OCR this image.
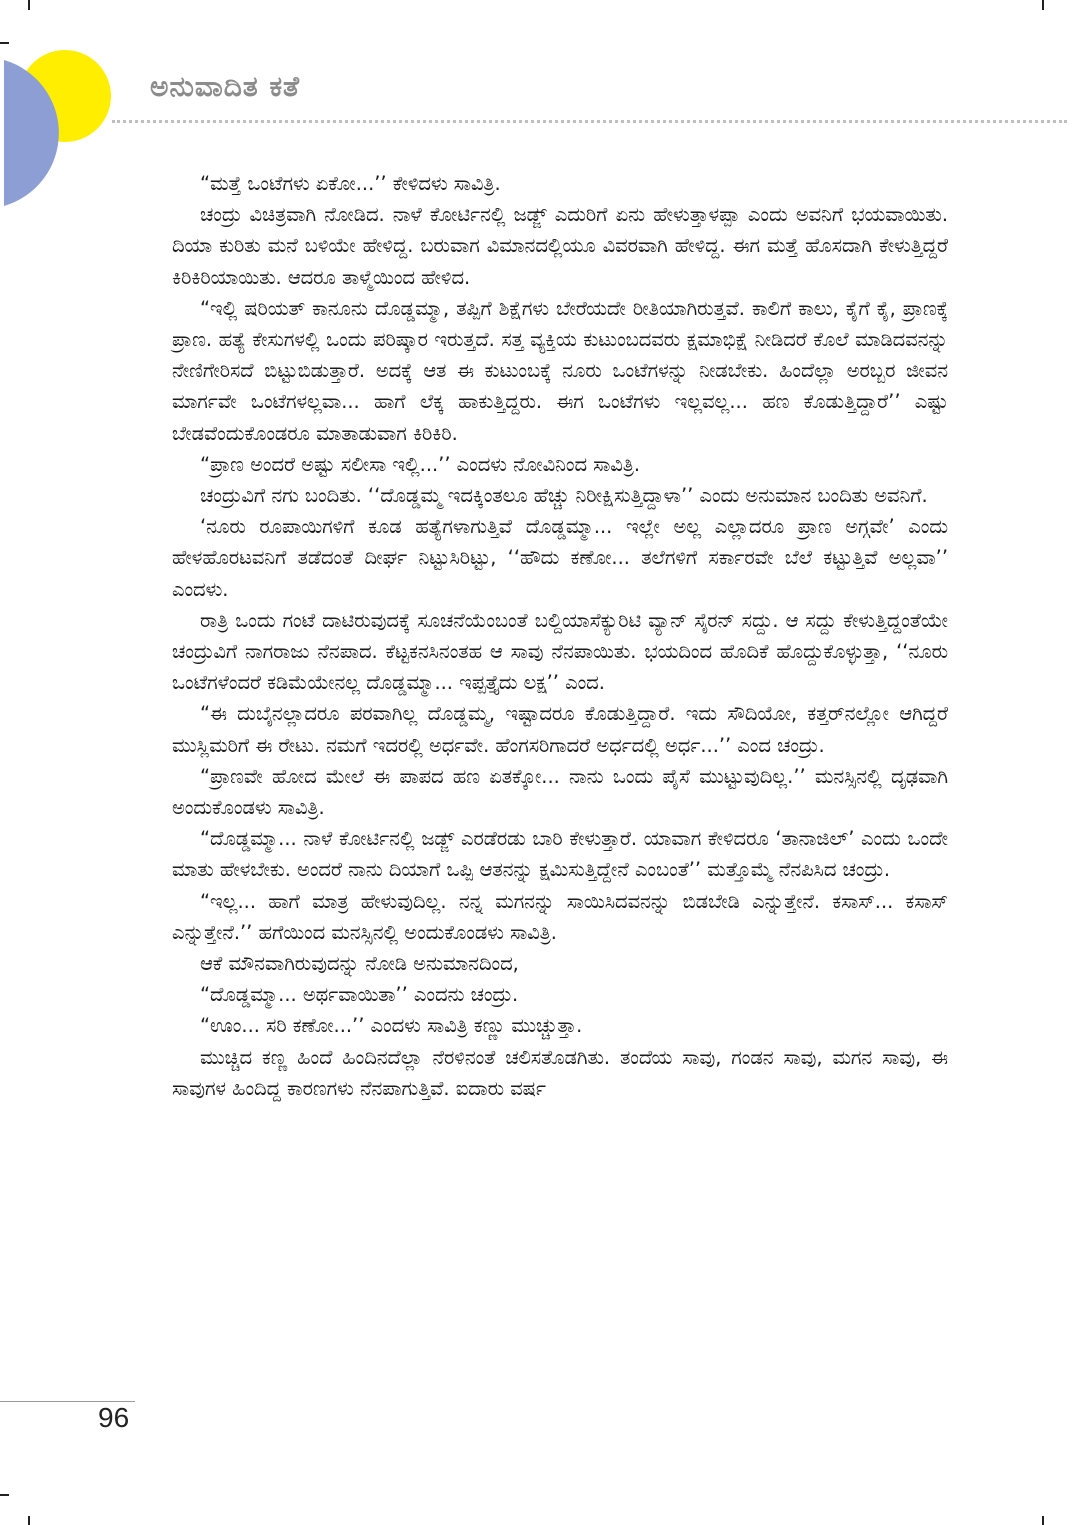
ಅನುವಾದಿತ ಕತೆ

“ಮತ್ತೆ ಒಂಟೆಗಳು ಏಕೋ...’’ ಕೇಳಿದಳು ಸಾವಿತ್ರಿ.

ಚಂದ್ರು ವಿಚಿತ್ರವಾಗಿ ನೋಡಿದ. ನಾಳೆ ಕೋರ್ಟಿನಲ್ಲಿ ಜಡ್ಜ್ ಎದುರಿಗೆ ಏನು ಹೇಳುತ್ತಾಳಪ್ಪಾ ಎಂದು ಅವನಿಗೆ ಭಯವಾಯಿತು. ದಿಯಾ ಕುರಿತು ಮನೆ ಬಳಿಯೇ ಹೇಳಿದ್ದ. ಬರುವಾಗ ವಿಮಾನದಲ್ಲಿಯೂ ವಿವರವಾಗಿ ಹೇಳಿದ್ದ. ಈಗ ಮತ್ತೆ ಹೊಸದಾಗಿ ಕೇಳುತ್ತಿದ್ದರೆ ಕಿರಿಕಿರಿಯಾಯಿತು. ಆದರೂ ತಾಳ್ಮೆಯಿಂದ ಹೇಳಿದ.

“ಇಲ್ಲಿ ಷರಿಯತ್ ಕಾನೂನು ದೊಡ್ಡಮ್ಮಾ, ತಪ್ಪಿಗೆ ಶಿಕ್ಷೆಗಳು ಬೇರೆಯದೇ ರೀತಿಯಾಗಿರುತ್ತವೆ. ಕಾಲಿಗೆ ಕಾಲು, ಕೈಗೆ ಕೈ, ಪ್ರಾಣಕ್ಕೆ ಪ್ರಾಣ. ಹತ್ಯೆ ಕೇಸುಗಳಲ್ಲಿ ಒಂದು ಪರಿಷ್ಕಾರ ಇರುತ್ತದೆ. ಸತ್ತ ವ್ಯಕ್ತಿಯ ಕುಟುಂಬದವರು ಕ್ಷಮಾಭಿಕ್ಷೆ ನೀಡಿದರೆ ಕೊಲೆ ಮಾಡಿದವನನ್ನು ನೇಣಿಗೇರಿಸದೆ ಬಿಟ್ಟುಬಿಡುತ್ತಾರೆ. ಅದಕ್ಕೆ ಆತ ಈ ಕುಟುಂಬಕ್ಕೆ ನೂರು ಒಂಟೆಗಳನ್ನು ನೀಡಬೇಕು. ಹಿಂದೆಲ್ಲಾ ಅರಬ್ಬರ ಜೀವನ ಮಾರ್ಗವೇ ಒಂಟೆಗಳಲ್ಲವಾ... ಹಾಗೆ ಲೆಕ್ಕ ಹಾಕುತ್ತಿದ್ದರು. ಈಗ ಒಂಟೆಗಳು ಇಲ್ಲವಲ್ಲ... ಹಣ ಕೊಡುತ್ತಿದ್ದಾರೆ’’ ಎಷ್ಟು ಬೇಡವೆಂದುಕೊಂಡರೂ ಮಾತಾಡುವಾಗ ಕಿರಿಕಿರಿ.

“ಪ್ರಾಣ ಅಂದರೆ ಅಷ್ಟು ಸಲೀಸಾ ಇಲ್ಲಿ...’’ ಎಂದಳು ನೋವಿನಿಂದ ಸಾವಿತ್ರಿ.

ಚಂದ್ರುವಿಗೆ ನಗು ಬಂದಿತು. ‘‘ದೊಡ್ಡಮ್ಮ ಇದಕ್ಕಿಂತಲೂ ಹೆಚ್ಚು ನಿರೀಕ್ಷಿಸುತ್ತಿದ್ದಾಳಾ’’ ಎಂದು ಅನುಮಾನ ಬಂದಿತು ಅವನಿಗೆ.

‘ನೂರು ರೂಪಾಯಿಗಳಿಗೆ ಕೂಡ ಹತ್ಯೆಗಳಾಗುತ್ತಿವೆ ದೊಡ್ಡಮ್ಮಾ... ಇಲ್ಲೇ ಅಲ್ಲ ಎಲ್ಲಾದರೂ ಪ್ರಾಣ ಅಗ್ಗವೇ’ ಎಂದು ಹೇಳಹೊರಟವನಿಗೆ ತಡೆದಂತೆ ದೀರ್ಘ ನಿಟ್ಟುಸಿರಿಟ್ಟು, ‘‘ಹೌದು ಕಣೋ... ತಲೆಗಳಿಗೆ ಸರ್ಕಾರವೇ ಬೆಲೆ ಕಟ್ಟುತ್ತಿವೆ ಅಲ್ಲವಾ’’ ಎಂದಳು.

ರಾತ್ರಿ ಒಂದು ಗಂಟೆ ದಾಟಿರುವುದಕ್ಕೆ ಸೂಚನೆಯೆಂಬಂತೆ ಬಲ್ದಿಯಾಸೆಕ್ಯುರಿಟಿ ವ್ಯಾನ್ ಸೈರನ್ ಸದ್ದು. ಆ ಸದ್ದು ಕೇಳುತ್ತಿದ್ದಂತೆಯೇ ಚಂದ್ರುವಿಗೆ ನಾಗರಾಜು ನೆನಪಾದ. ಕೆಟ್ಟಕನಸಿನಂತಹ ಆ ಸಾವು ನೆನಪಾಯಿತು. ಭಯದಿಂದ ಹೊದಿಕೆ ಹೊದ್ದುಕೊಳ್ಳುತ್ತಾ, ‘‘ನೂರು ಒಂಟೆಗಳೆಂದರೆ ಕಡಿಮೆಯೇನಲ್ಲ ದೊಡ್ಡಮ್ಮಾ... ಇಪ್ಪತ್ತೈದು ಲಕ್ಷ’’ ಎಂದ.

“ಈ ದುಬೈನಲ್ಲಾದರೂ ಪರವಾಗಿಲ್ಲ ದೊಡ್ಡಮ್ಮ, ಇಷ್ಟಾದರೂ ಕೊಡುತ್ತಿದ್ದಾರೆ. ಇದು ಸೌದಿಯೋ, ಕತ್ತರ್‌ನಲ್ಲೋ ಆಗಿದ್ದರೆ ಮುಸ್ಲಿಮರಿಗೆ ಈ ರೇಟು. ನಮಗೆ ಇದರಲ್ಲಿ ಅರ್ಧವೇ. ಹೆಂಗಸರಿಗಾದರೆ ಅರ್ಧದಲ್ಲಿ ಅರ್ಧ...’’ ಎಂದ ಚಂದ್ರು.

“ಪ್ರಾಣವೇ ಹೋದ ಮೇಲೆ ಈ ಪಾಪದ ಹಣ ಏತಕ್ಕೋ... ನಾನು ಒಂದು ಪೈಸೆ ಮುಟ್ಟುವುದಿಲ್ಲ.’’ ಮನಸ್ಸಿನಲ್ಲಿ ದೃಢವಾಗಿ ಅಂದುಕೊಂಡಳು ಸಾವಿತ್ರಿ.

“ದೊಡ್ಡಮ್ಮಾ... ನಾಳೆ ಕೋರ್ಟಿನಲ್ಲಿ ಜಡ್ಜ್ ಎರಡೆರಡು ಬಾರಿ ಕೇಳುತ್ತಾರೆ. ಯಾವಾಗ ಕೇಳಿದರೂ ‘ತಾನಾಜಿಲ್’ ಎಂದು ಒಂದೇ ಮಾತು ಹೇಳಬೇಕು. ಅಂದರೆ ನಾನು ದಿಯಾಗೆ ಒಪ್ಪಿ ಆತನನ್ನು ಕ್ಷಮಿಸುತ್ತಿದ್ದೇನೆ ಎಂಬಂತೆ’’ ಮತ್ತೊಮ್ಮೆ ನೆನಪಿಸಿದ ಚಂದ್ರು.

“ಇಲ್ಲ... ಹಾಗೆ ಮಾತ್ರ ಹೇಳುವುದಿಲ್ಲ. ನನ್ನ ಮಗನನ್ನು ಸಾಯಿಸಿದವನನ್ನು ಬಿಡಬೇಡಿ ಎನ್ನುತ್ತೇನೆ. ಕಸಾಸ್... ಕಸಾಸ್ ಎನ್ನುತ್ತೇನೆ.’’ ಹಗೆಯಿಂದ ಮನಸ್ಸಿನಲ್ಲಿ ಅಂದುಕೊಂಡಳು ಸಾವಿತ್ರಿ.

ಆಕೆ ಮೌನವಾಗಿರುವುದನ್ನು ನೋಡಿ ಅನುಮಾನದಿಂದ,

“ದೊಡ್ಡಮ್ಮಾ... ಅರ್ಥವಾಯಿತಾ’’ ಎಂದನು ಚಂದ್ರು.

“ಊಂ... ಸರಿ ಕಣೋ...’’ ಎಂದಳು ಸಾವಿತ್ರಿ ಕಣ್ಣು ಮುಚ್ಚುತ್ತಾ.

ಮುಚ್ಚಿದ ಕಣ್ಣ ಹಿಂದೆ ಹಿಂದಿನದೆಲ್ಲಾ ನೆರಳಿನಂತೆ ಚಲಿಸತೊಡಗಿತು. ತಂದೆಯ ಸಾವು, ಗಂಡನ ಸಾವು, ಮಗನ ಸಾವು, ಈ ಸಾವುಗಳ ಹಿಂದಿದ್ದ ಕಾರಣಗಳು ನೆನಪಾಗುತ್ತಿವೆ. ಐದಾರು ವರ್ಷ

96
